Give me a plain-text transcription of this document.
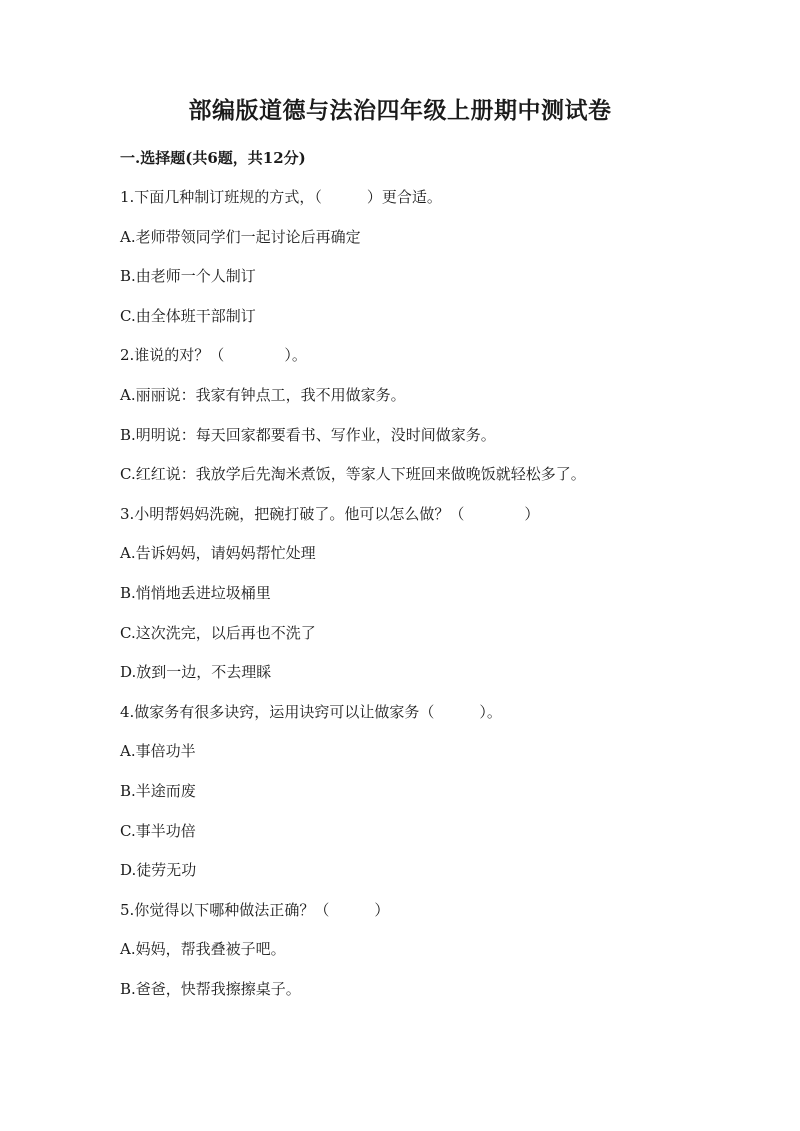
部编版道德与法治四年级上册期中测试卷
一.选择题(共6题，共12分)
1.下面几种制订班规的方式，（　　　）更合适。
A.老师带领同学们一起讨论后再确定
B.由老师一个人制订
C.由全体班干部制订
2.谁说的对？（　　　　）。
A.丽丽说：我家有钟点工，我不用做家务。
B.明明说：每天回家都要看书、写作业，没时间做家务。
C.红红说：我放学后先淘米煮饭，等家人下班回来做晚饭就轻松多了。
3.小明帮妈妈洗碗，把碗打破了。他可以怎么做？（　　　　）
A.告诉妈妈，请妈妈帮忙处理
B.悄悄地丢进垃圾桶里
C.这次洗完，以后再也不洗了
D.放到一边，不去理睬
4.做家务有很多诀窍，运用诀窍可以让做家务（　　　）。
A.事倍功半
B.半途而废
C.事半功倍
D.徒劳无功
5.你觉得以下哪种做法正确？（　　　）
A.妈妈，帮我叠被子吧。
B.爸爸，快帮我擦擦桌子。
